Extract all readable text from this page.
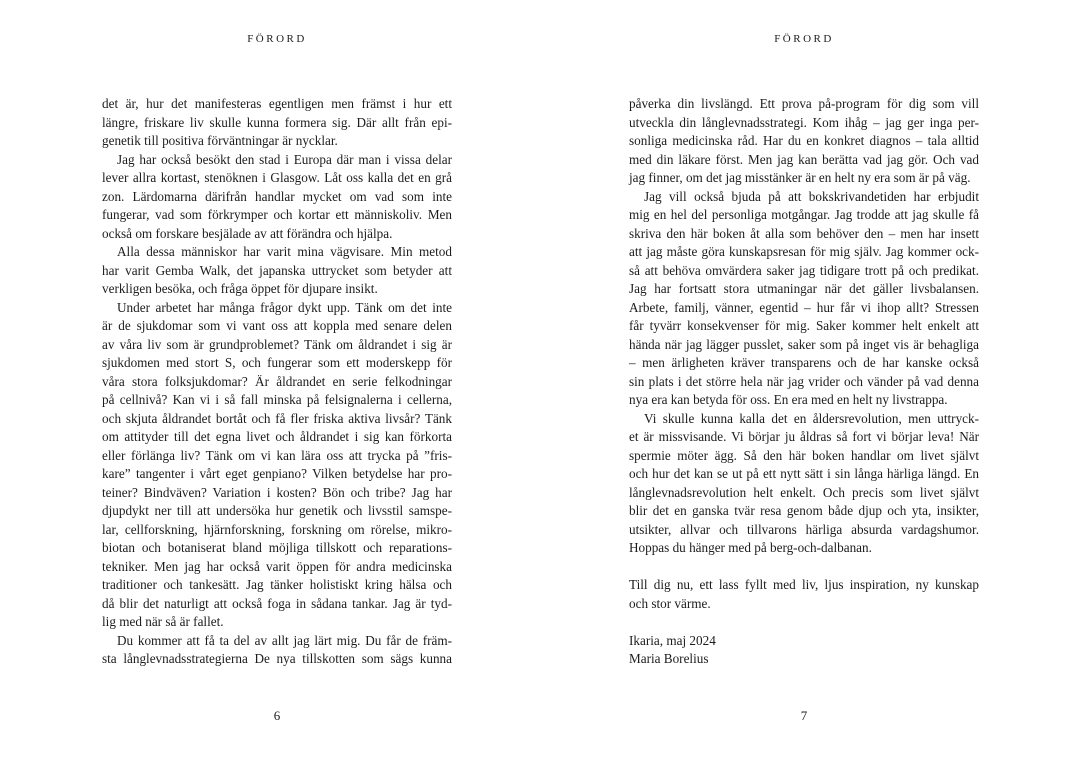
FÖRORD
det är, hur det manifesteras egentligen men främst i hur ett
längre, friskare liv skulle kunna formera sig. Där allt från epi-
genetik till positiva förväntningar är nycklar.
Jag har också besökt den stad i Europa där man i vissa delar
lever allra kortast, stenöknen i Glasgow. Låt oss kalla det en grå
zon. Lärdomarna därifrån handlar mycket om vad som inte
fungerar, vad som förkrymper och kortar ett människoliv. Men
också om forskare besjälade av att förändra och hjälpa.
Alla dessa människor har varit mina vägvisare. Min metod
har varit Gemba Walk, det japanska uttrycket som betyder att
verkligen besöka, och fråga öppet för djupare insikt.
Under arbetet har många frågor dykt upp. Tänk om det inte
är de sjukdomar som vi vant oss att koppla med senare delen
av våra liv som är grundproblemet? Tänk om åldrandet i sig är
sjukdomen med stort S, och fungerar som ett moderskepp för
våra stora folksjukdomar? Är åldrandet en serie felkodningar
på cellnivå? Kan vi i så fall minska på felsignalerna i cellerna,
och skjuta åldrandet bortåt och få fler friska aktiva livsår? Tänk
om attityder till det egna livet och åldrandet i sig kan förkorta
eller förlänga liv? Tänk om vi kan lära oss att trycka på ”fris-
kare” tangenter i vårt eget genpiano? Vilken betydelse har pro-
teiner? Bindväven? Variation i kosten? Bön och tribe? Jag har
djupdykt ner till att undersöka hur genetik och livsstil samspe-
lar, cellforskning, hjärnforskning, forskning om rörelse, mikro-
biotan och botaniserat bland möjliga tillskott och reparations-
tekniker. Men jag har också varit öppen för andra medicinska
traditioner och tankesätt. Jag tänker holistiskt kring hälsa och
då blir det naturligt att också foga in sådana tankar. Jag är tyd-
lig med när så är fallet.
Du kommer att få ta del av allt jag lärt mig. Du får de främ-
sta långlevnadsstrategierna De nya tillskotten som sägs kunna
6
FÖRORD
påverka din livslängd. Ett prova på-program för dig som vill
utveckla din långlevnadsstrategi. Kom ihåg – jag ger inga per-
sonliga medicinska råd. Har du en konkret diagnos – tala alltid
med din läkare först. Men jag kan berätta vad jag gör. Och vad
jag finner, om det jag misstänker är en helt ny era som är på väg.
Jag vill också bjuda på att bokskrivandetiden har erbjudit
mig en hel del personliga motgångar. Jag trodde att jag skulle få
skriva den här boken åt alla som behöver den – men har insett
att jag måste göra kunskapsresan för mig själv. Jag kommer ock-
så att behöva omvärdera saker jag tidigare trott på och predikat.
Jag har fortsatt stora utmaningar när det gäller livsbalansen.
Arbete, familj, vänner, egentid – hur får vi ihop allt? Stressen
får tyvärr konsekvenser för mig. Saker kommer helt enkelt att
hända när jag lägger pusslet, saker som på inget vis är behagliga
– men ärligheten kräver transparens och de har kanske också
sin plats i det större hela när jag vrider och vänder på vad denna
nya era kan betyda för oss. En era med en helt ny livstrappa.
Vi skulle kunna kalla det en åldersrevolution, men uttryck-
et är missvisande. Vi börjar ju åldras så fort vi börjar leva! När
spermie möter ägg. Så den här boken handlar om livet självt
och hur det kan se ut på ett nytt sätt i sin långa härliga längd. En
långlevnadsrevolution helt enkelt. Och precis som livet självt
blir det en ganska tvär resa genom både djup och yta, insikter,
utsikter, allvar och tillvarons härliga absurda vardagshumor.
Hoppas du hänger med på berg-och-dalbanan.
Till dig nu, ett lass fyllt med liv, ljus inspiration, ny kunskap
och stor värme.
Ikaria, maj 2024
Maria Borelius
7
